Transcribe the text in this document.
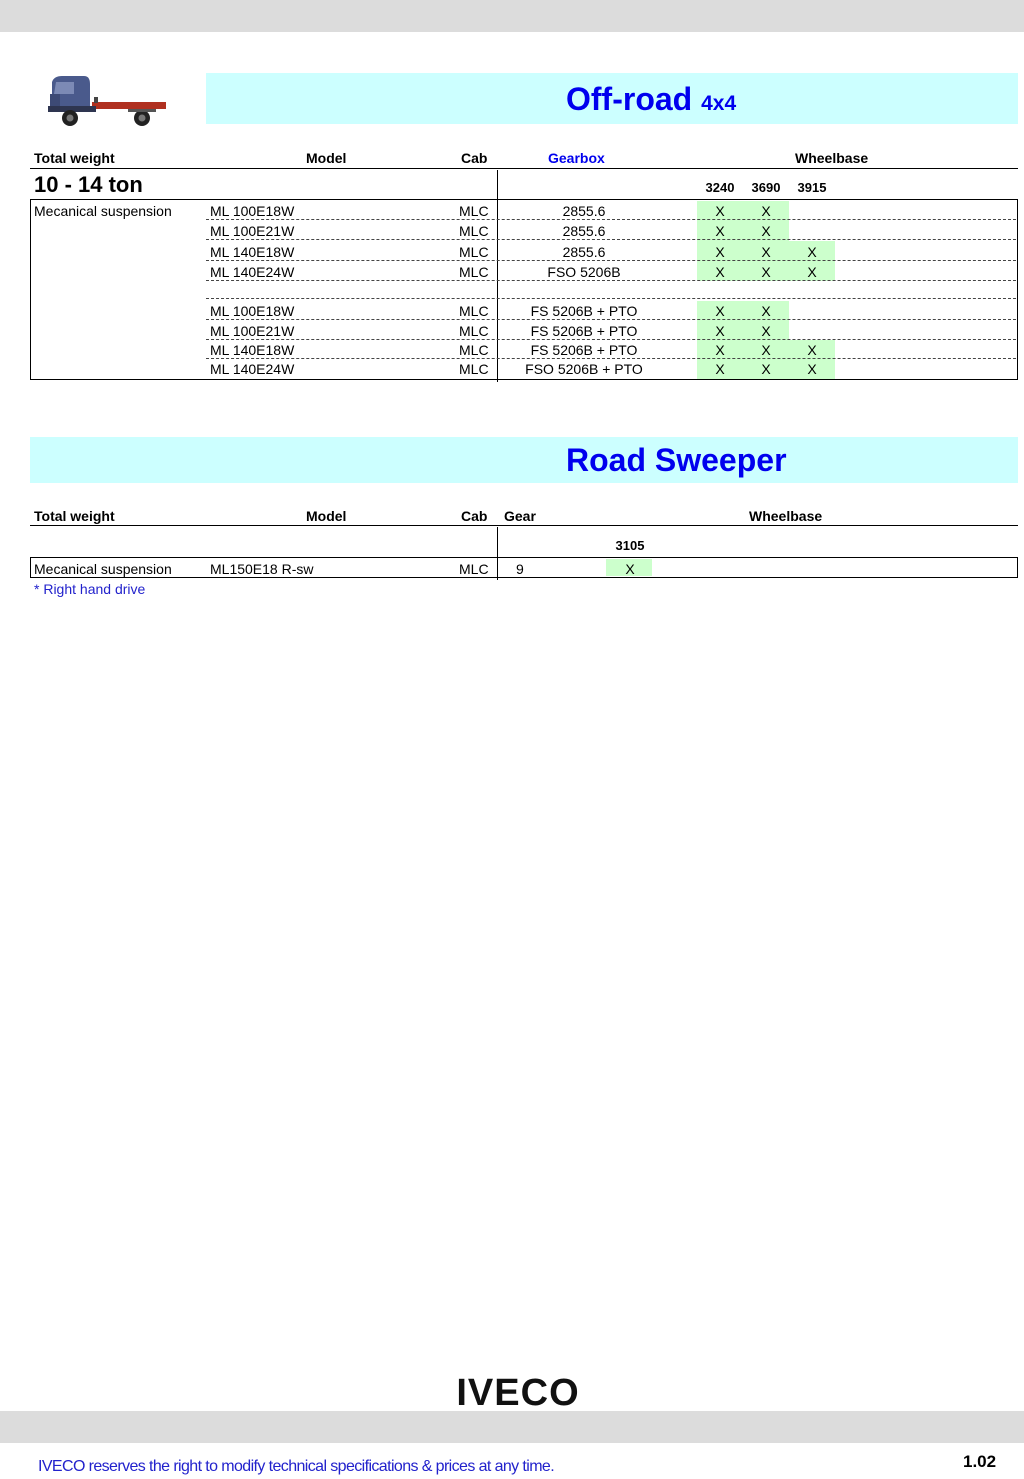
Off-road 4x4
Total weight	Model	Cab	Gearbox	Wheelbase
10 - 14 ton	3240	3690	3915
Mecanical suspension	ML 100E18W	MLC	2855.6	X	X
ML 100E21W	MLC	2855.6	X	X
ML 140E18W	MLC	2855.6	X	X	X
ML 140E24W	MLC	FSO 5206B	X	X	X
ML 100E18W	MLC	FS 5206B + PTO	X	X
ML 100E21W	MLC	FS 5206B + PTO	X	X
ML 140E18W	MLC	FS 5206B + PTO	X	X	X
ML 140E24W	MLC	FSO 5206B + PTO	X	X	X
Road Sweeper
Total weight	Model	Cab Gear	Wheelbase
3105
Mecanical suspension	ML150E18 R-sw	MLC 9	X
* Right hand drive
IVECO
IVECO reserves the right to modify technical specifications & prices at any time.	1.02
